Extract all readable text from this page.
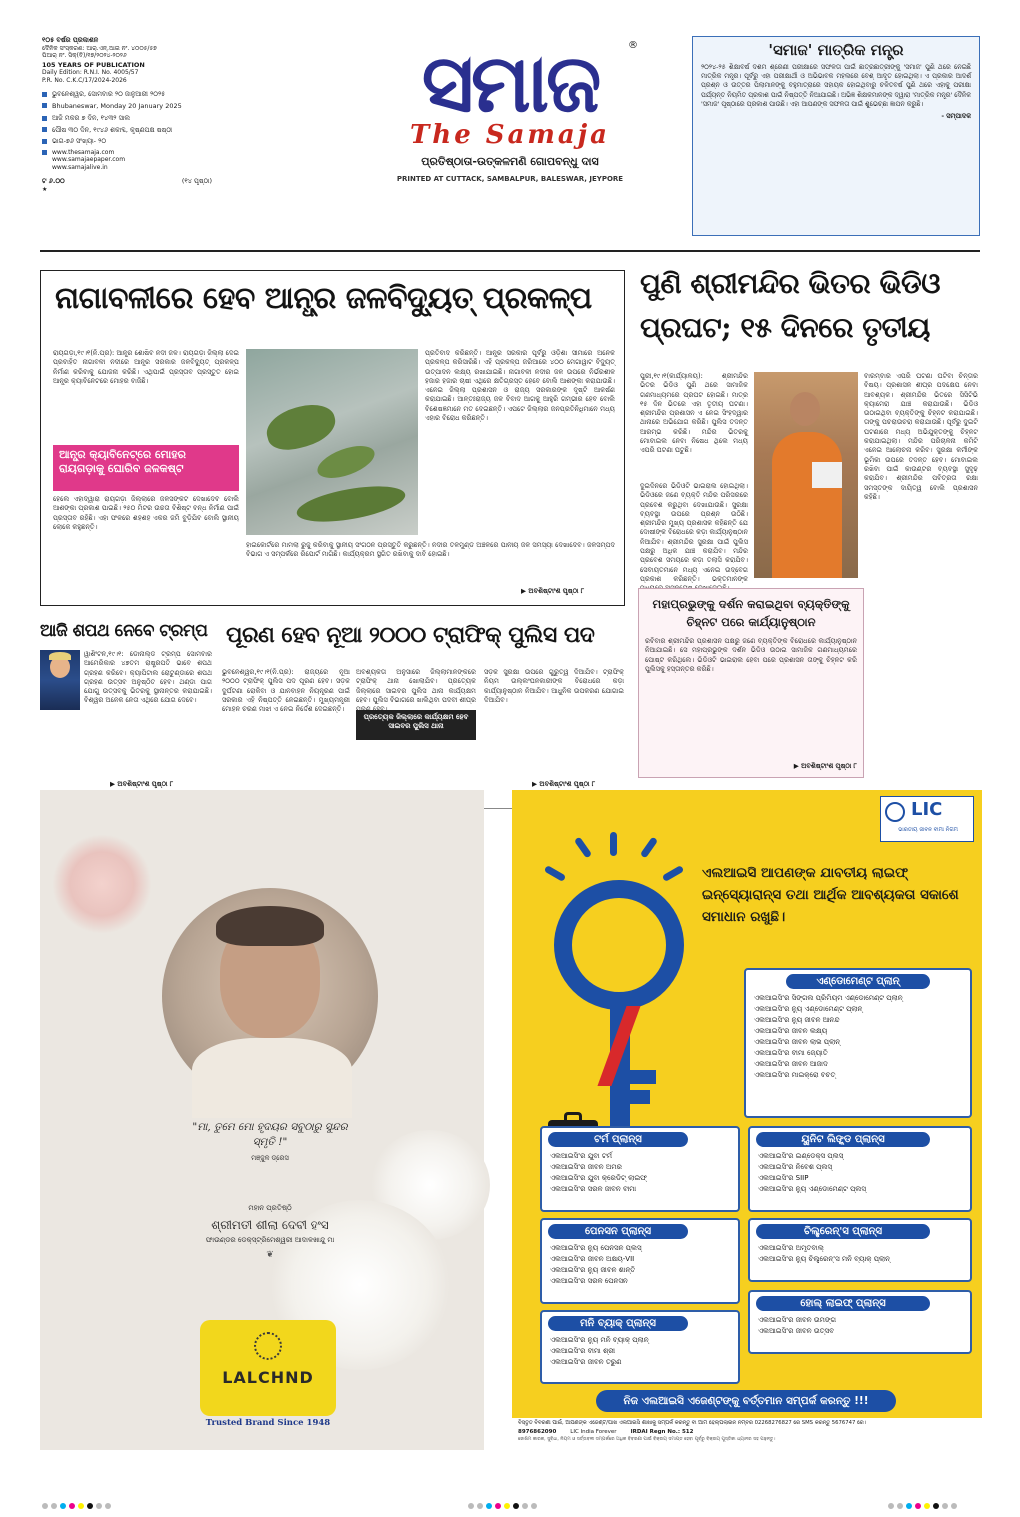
୧୦୫ ବର୍ଷର ପ୍ରକାଶନ
ଦୈନିକ ସଂସ୍କରଣ: ଆର୍.ଏନ୍.ଆଇ ନଂ. ୪୦୦୫/୫୭
ପିଆର୍ ନଂ. ସିକ୍(ବି)/୧୭/୨୦୨୪-୨୦୨୬
105 YEARS OF PUBLICATION
Daily Edition: R.N.I. No. 4005/57
P.R. No. C.K.C/17/2024-2026
ଭୁବନେଶ୍ୱର, ସୋମବାର ୨୦ ଜାନୁଆରୀ ୨୦୨୫
Bhubaneswar, Monday 20 January 2025
ଆଜି ମକର ୭ ଦିନ, ୧୪୩୨ ସାଲ
ପୌଷ ୩୦ ଦିନ, ୧୯୪୬ ଶକାବ୍ଦ, କୃଷ୍ଣପକ୍ଷ ଷଷ୍ଠୀ
ଭାଗ-୭୬ ସଂଖ୍ୟା- ୨୦
www.thesamaja.com
www.samajaepaper.com
www.samajalive.in
ଟ ୬.୦୦	(୧୪ ପୃଷ୍ଠା)
★
ସମାଜ	®
The Samaja
ପ୍ରତିଷ୍ଠାତା-ଉତ୍କଳମଣି ଗୋପବନ୍ଧୁ ଦାସ
PRINTED AT CUTTACK, SAMBALPUR, BALESWAR, JEYPORE
'ସମାଜ' ମାତ୍ରିକ ମନ୍ତ୍ର
୨୦୨୪-୨୫ ଶିକ୍ଷାବର୍ଷ ଦଶମ ଶ୍ରେଣୀ ପରୀକ୍ଷାରେ ସଫଳତା ପାଇଁ ଛାତ୍ରଛାତ୍ରୀଙ୍କୁ 'ସମାଜ' ପୁଣି ଥରେ ନେଇଛି ମାତ୍ରିକ ମନ୍ତ୍ର। ପୂର୍ବରୁ ଏହା ପରୀକ୍ଷାର୍ଥୀ ଓ ଅଭିଭାବକ ମହଲରେ ବେଶ୍ ଆଦୃତ ହୋଇଥିଲା। ଏ ପ୍ରକାର ଆଦର୍ଶ ପ୍ରଶ୍ନ ଓ ଉତ୍ତର ପିଲାମାନଙ୍କୁ ବହୁମାତ୍ରାରେ ସହାୟକ ହୋଇଥିବାରୁ ଚଳିତବର୍ଷ ପୁଣି ଥରେ ଏହାକୁ ପରୀକ୍ଷା ପର୍ଯ୍ୟନ୍ତ ନିୟମିତ ପ୍ରକାଶ ପାଇଁ ନିଷ୍ପତ୍ତି ନିଆଯାଇଛି। ଅଭିଜ୍ଞ ଶିକ୍ଷକମାନଙ୍କ ଦ୍ୱାରା 'ମାତ୍ରିକ ମନ୍ତ୍ର' ଦୈନିକ 'ସମାଜ' ପୃଷ୍ଠାରେ ପ୍ରକାଶ ପାଉଛି। ଏହା ଆପଣଙ୍କ ସଫଳତା ପାଇଁ ଶୁଭେଚ୍ଛା ଜ୍ଞାପନ କରୁଛି।
- ସମ୍ପାଦକ
ନାଗାବଳୀରେ ହେବ ଆନ୍ଧ୍ର ଜଳବିଦ୍ୟୁତ୍ ପ୍ରକଳ୍ପ
ରାୟଗଡ଼ା,୧୯।୧(ନି.ପ୍ର): ଆନ୍ଧ୍ର ଶୋଷିବ ନଦୀ ଜଳ। ରାୟଗଡ଼ା ଜିଲ୍ଲା ଦେଇ ପ୍ରବାହିତ ନାଗାବଳୀ ନଦୀରେ ଆନ୍ଧ୍ର ସରକାର ଜଳବିଦ୍ୟୁତ୍ ପ୍ରକଳ୍ପ ନିର୍ମାଣ କରିବାକୁ ଯୋଜନା କରିଛି। ଏଥିପାଇଁ ପ୍ରସ୍ତାବ ପ୍ରସ୍ତୁତ ହୋଇ ଆନ୍ଧ୍ର କ୍ୟାବିନେଟରେ ମୋହର ବାଜିଛି।
ଆନ୍ଧ୍ର କ୍ୟାବିନେଟ୍‌ରେ ମୋହର ରାୟଗଡ଼ାକୁ ଘୋରିବ ଜଳକଷ୍ଟ
ହେଲେ ଏହାଦ୍ୱାରା ରାୟଗଡ଼ା ଜିଲ୍ଲାରେ ଜଳସଙ୍କଟ ଦେଖାଦେବ ବୋଲି ଆଶଙ୍କା ପ୍ରକାଶ ପାଇଛି। ୨୫୦ ମିଟର ଉଚ୍ଚତା ବିଶିଷ୍ଟ ବନ୍ଧ ନିର୍ମାଣ ପାଇଁ ପ୍ରସ୍ତାବ ରହିଛି। ଏହା ଫଳରେ ଶହଶହ ଏକର ଜମି ବୁଡ଼ିଯିବ ବୋଲି ସ୍ଥାନୀୟ ଲୋକେ କହୁଛନ୍ତି।
ପ୍ରତିବାଦ କରିଛନ୍ତି। ଆନ୍ଧ୍ର ସରକାର ପୂର୍ବରୁ ଓଡ଼ିଶା ସୀମାରେ ଅନେକ ପ୍ରକଳ୍ପ କରିସାରିଛି। ଏହି ପ୍ରକଳ୍ପ ଜରିଆରେ ୪୦୦ ମେଗାୱାଟ ବିଦ୍ୟୁତ୍ ଉତ୍ପାଦନ ଲକ୍ଷ୍ୟ ରଖାଯାଇଛି। ନାଗାବଳୀ ନଦୀର ଜଳ ଉପରେ ନିର୍ଭରଶୀଳ ହଜାର ହଜାର ଚାଷୀ ଏଥିରେ କ୍ଷତିଗ୍ରସ୍ତ ହେବେ ବୋଲି ଆଶଙ୍କା କରାଯାଉଛି। ଏନେଇ ଜିଲ୍ଲା ପ୍ରଶାସନ ଓ ରାଜ୍ୟ ସରକାରଙ୍କ ଦୃଷ୍ଟି ଆକର୍ଷଣ କରାଯାଇଛି। ଆନ୍ତଃରାଜ୍ୟ ଜଳ ବିବାଦ ଆଗକୁ ଆହୁରି ଗମ୍ଭୀର ହେବ ବୋଲି ବିଶେଷଜ୍ଞମାନେ ମତ ଦେଇଛନ୍ତି। ଏପଟେ ଜିଲ୍ଲାର ଜନପ୍ରତିନିଧିମାନେ ମଧ୍ୟ ଏହାର ବିରୋଧ କରିଛନ୍ତି।
ହାଇକୋର୍ଟରେ ମାମଲା ରୁଜୁ କରିବାକୁ ସ୍ଥାନୀୟ ସଂଗଠନ ପ୍ରସ୍ତୁତି କରୁଛନ୍ତି। ନଦୀର ତଳମୁଣ୍ଡ ଅଞ୍ଚଳରେ ପାନୀୟ ଜଳ ସମସ୍ୟା ଦେଖାଦେବ। ଜଳସମ୍ପଦ ବିଭାଗ ଏ ସମ୍ପର୍କରେ ରିପୋର୍ଟ ମାଗିଛି। କାର୍ଯ୍ୟକ୍ରମ ସ୍ଥଗିତ ରଖିବାକୁ ଦାବି ହୋଇଛି।
▶ ଅବଶିଷ୍ଟାଂଶ ପୃଷ୍ଠା ୮
ପୁଣି ଶ୍ରୀମନ୍ଦିର ଭିତର ଭିଡିଓ ପ୍ରଘଟ; ୧୫ ଦିନରେ ତୃତୀୟ
ପୁରୀ,୧୯।୧(କାର୍ଯ୍ୟାଳୟ): ଶ୍ରୀମନ୍ଦିର ଭିତର ଭିଡିଓ ପୁଣି ଥରେ ସାମାଜିକ ଗଣମାଧ୍ୟମରେ ପ୍ରଘଟ ହୋଇଛି। ମାତ୍ର ୧୫ ଦିନ ଭିତରେ ଏହା ତୃତୀୟ ଘଟଣା। ଶ୍ରୀମନ୍ଦିର ପ୍ରଶାସନ ଏ ନେଇ ସିଂହଦ୍ୱାର ଥାନାରେ ଅଭିଯୋଗ କରିଛି। ପୁଲିସ ତଦନ୍ତ ଆରମ୍ଭ କରିଛି। ମନ୍ଦିର ଭିତରକୁ ମୋବାଇଲ ନେବା ନିଷେଧ ଥିଲେ ମଧ୍ୟ ଏପରି ଘଟଣା ଘଟୁଛି।
ବାରମ୍ବାର ଏପରି ଘଟଣା ଘଟିବା ଚିନ୍ତାର ବିଷୟ। ପ୍ରଶାସନ ଶୀଘ୍ର ପଦକ୍ଷେପ ନେବା ଆବଶ୍ୟକ। ଶ୍ରୀମନ୍ଦିର ଭିତରେ ସିସିଟିଭି କ୍ୟାମେରା ଯାଞ୍ଚ କରାଯାଉଛି। ଭିଡିଓ ଉଠାଇଥିବା ବ୍ୟକ୍ତିଙ୍କୁ ଚିହ୍ନଟ କରାଯାଇଛି। ତାଙ୍କୁ ପଚରାଉଚରା କରାଯାଉଛି। ପୂର୍ବରୁ ଦୁଇଟି ଘଟଣାରେ ମଧ୍ୟ ଅଭିଯୁକ୍ତଙ୍କୁ ଚିହ୍ନଟ କରାଯାଇଥିଲା। ମନ୍ଦିର ପରିଚାଳନା କମିଟି ଏନେଇ ଆଲୋଚନା କରିବ। ସୁରକ୍ଷା କର୍ମୀଙ୍କ ଭୂମିକା ଉପରେ ତଦନ୍ତ ହେବ। ମୋବାଇଲ ରଖିବା ପାଇଁ କାଉଣ୍ଟର ବ୍ୟବସ୍ଥା ସୁଦୃଢ଼ କରାଯିବ। ଶ୍ରୀମନ୍ଦିର ପବିତ୍ରତା ରକ୍ଷା ସମସ୍ତଙ୍କ ଦାୟିତ୍ୱ ବୋଲି ପ୍ରଶାସନ କହିଛି।
ଦୁଇଦିନରେ ଭିଡିଓଟି ଭାଇରାଲ ହୋଇଥିଲା। ଭିଡିଓରେ ଜଣେ ବ୍ୟକ୍ତି ମନ୍ଦିର ପରିସରରେ ପ୍ରବେଶ କରୁଥିବା ଦେଖାଯାଉଛି। ସୁରକ୍ଷା ବ୍ୟବସ୍ଥା ଉପରେ ପ୍ରଶ୍ନ ଉଠିଛି। ଶ୍ରୀମନ୍ଦିର ମୁଖ୍ୟ ପ୍ରଶାସକ କହିଛନ୍ତି ଯେ ଦୋଷୀଙ୍କ ବିରୋଧରେ କଡ଼ା କାର୍ଯ୍ୟାନୁଷ୍ଠାନ ନିଆଯିବ। ଶ୍ରୀମନ୍ଦିର ସୁରକ୍ଷା ପାଇଁ ପୁଲିସ ପକ୍ଷରୁ ଅଧିକ ଯାଞ୍ଚ କରାଯିବ। ମନ୍ଦିର ପ୍ରବେଶ ସମୟରେ କଡ଼ା ତଲାସି କରାଯିବ। ସେବାୟତମାନେ ମଧ୍ୟ ଏନେଇ ଉଦ୍‌ବେଗ ପ୍ରକାଶ କରିଛନ୍ତି। ଭକ୍ତମାନଙ୍କ
ମହାପ୍ରଭୁଙ୍କୁ ଦର୍ଶନ କରାଇଥିବା ବ୍ୟକ୍ତିଙ୍କୁ ଚିହ୍ନଟ ପରେ କାର୍ଯ୍ୟାନୁଷ୍ଠାନ
ରବିବାର ଶ୍ରୀମନ୍ଦିର ପ୍ରଶାସନ ପକ୍ଷରୁ ଜଣେ ବ୍ୟକ୍ତିଙ୍କ ବିରୋଧରେ କାର୍ଯ୍ୟାନୁଷ୍ଠାନ ନିଆଯାଇଛି। ସେ ମହାପ୍ରଭୁଙ୍କ ଦର୍ଶନ ଭିଡିଓ ଉଠାଇ ସାମାଜିକ ଗଣମାଧ୍ୟମରେ ପୋଷ୍ଟ କରିଥିଲେ। ଭିଡିଓଟି ଭାଇରାଲ ହେବା ପରେ ପ୍ରଶାସନ ତାଙ୍କୁ ଚିହ୍ନଟ କରି ପୁଲିସକୁ ହସ୍ତାନ୍ତର କରିଛି।
▶ ଅବଶିଷ୍ଟାଂଶ ପୃଷ୍ଠା ୮
ଆଜି ଶପଥ ନେବେ ଟ୍ରମ୍ପ
ୱାଶିଂଟନ,୧୯।୧: ଡୋନାଲ୍ଡ ଟ୍ରମ୍ପ ସୋମବାର ଆମେରିକାର ୪୭ତମ ରାଷ୍ଟ୍ରପତି ଭାବେ ଶପଥ ଗ୍ରହଣ କରିବେ। କ୍ୟାପିଟାଲ ରୋଟୁଣ୍ଡାରେ ଶପଥ ଗ୍ରହଣ ଉତ୍ସବ ଅନୁଷ୍ଠିତ ହେବ। ଥଣ୍ଡା ପାଗ ଯୋଗୁ ଉତ୍ସବକୁ ଭିତରକୁ ସ୍ଥାନାନ୍ତର କରାଯାଇଛି। ବିଶ୍ୱର ଅନେକ ନେତା ଏଥିରେ ଯୋଗ ଦେବେ।
▶ ଅବଶିଷ୍ଟାଂଶ ପୃଷ୍ଠା ୮
ପୂରଣ ହେବ ନୂଆ ୨୦୦୦ ଟ୍ରାଫିକ୍ ପୁଲିସ ପଦ
ଭୁବନେଶ୍ୱର,୧୯।୧(ନି.ପ୍ର): ରାଜ୍ୟରେ ନୂଆ ୨୦୦୦ ଟ୍ରାଫିକ୍ ପୁଲିସ ପଦ ପୂରଣ ହେବ। ସଡ଼କ ଦୁର୍ଘଟଣା ରୋକିବା ଓ ଯାନବାହନ ନିୟନ୍ତ୍ରଣ ପାଇଁ ସରକାର ଏହି ନିଷ୍ପତ୍ତି ନେଇଛନ୍ତି। ମୁଖ୍ୟମନ୍ତ୍ରୀ ମୋହନ ଚରଣ ମାଝୀ ଏ ନେଇ ନିର୍ଦ୍ଦେଶ ଦେଇଛନ୍ତି।
ପ୍ରତ୍ୟେକ ଜିଲ୍ଲାରେ କାର୍ଯ୍ୟକ୍ଷମ ହେବ ସାଇବର ପୁଲିସ ଥାନା
ଅବଶ୍ୟକତା ଅନୁସାରେ ଜିଲ୍ଲାମାନଙ୍କରେ ଟ୍ରାଫିକ୍ ଥାନା ଖୋଲାଯିବ। ପ୍ରତ୍ୟେକ ଜିଲ୍ଲାରେ ସାଇବର ପୁଲିସ ଥାନା କାର୍ଯ୍ୟକ୍ଷମ ହେବ। ପୁଲିସ ବିଭାଗରେ ଖାଲିଥିବା ପଦବୀ ଶୀଘ୍ର ପୂରଣ ହେବ।
ସଡ଼କ ସୁରକ୍ଷା ଉପରେ ଗୁରୁତ୍ୱ ଦିଆଯିବ। ଟ୍ରାଫିକ୍ ନିୟମ ଉଲ୍ଲଂଘନକାରୀଙ୍କ ବିରୋଧରେ କଡ଼ା କାର୍ଯ୍ୟାନୁଷ୍ଠାନ ନିଆଯିବ। ଆଧୁନିକ ଉପକରଣ ଯୋଗାଇ ଦିଆଯିବ।
▶ ଅବଶିଷ୍ଟାଂଶ ପୃଷ୍ଠା ୮
"ମା, ତୁମେ ମୋ ହୃଦୟର ସବୁଠାରୁ ସୁନ୍ଦର ସ୍ମୃତି !"
ମଞ୍ଜୁଳ ଡ୍ରେସ
ମହାନ ପ୍ରତିଷ୍ଠି
ଶ୍ରୀମତୀ ଶୀଲା ଦେବୀ ହଂସ
ଫାଉଣ୍ଡର ଡେକ୍ସ୍‌ଟ୍ରିମେଶ୍ୱରୀ ଆଦାଳଖାନ୍ଦୁ ମା
❦
LALCHND
Trusted Brand Since 1948
LIC
ଭାରତୀୟ ଜୀବନ ବୀମା ନିଗମ
ଏଲଆଇସି ଆପଣଙ୍କ ଯାବତୀୟ ଲାଇଫ୍ ଇନ୍ସ୍ୟୋରାନ୍ସ ତଥା ଆର୍ଥିକ ଆବଶ୍ୟକତା ସକାଶେ ସମାଧାନ ରଖୁଛି।
ଏଣ୍ଡୋମେଣ୍ଟ ପ୍ଲାନ୍
ଏଲଆଇସି'ର ସିଙ୍ଗଲ ପ୍ରିମିୟମ ଏଣ୍ଡୋମେଣ୍ଟ ପ୍ଲାନ୍
ଏଲଆଇସି'ର ନ୍ୟୁ ଏଣ୍ଡୋମେଣ୍ଟ ପ୍ଲାନ୍
ଏଲଆଇସି'ର ନ୍ୟୁ ଜୀବନ ଆନନ୍ଦ
ଏଲଆଇସି'ର ଜୀବନ ଲକ୍ଷ୍ୟ
ଏଲଆଇସି'ର ଜୀବନ ଲାଭ ପ୍ଲାନ୍
ଏଲଆଇସି'ର ବୀମା ଜ୍ୟୋତି
ଏଲଆଇସି'ର ଜୀବନ ଆଜାଦ
ଏଲଆଇସି'ର ମାଇକ୍ରୋ ବଚତ୍
ଟର୍ମ ପ୍ଲାନ୍ସ
ଏଲଆଇସି'ର ଯୁବା ଟର୍ମ
ଏଲଆଇସି'ର ଜୀବନ ଅମର
ଏଲଆଇସି'ର ଯୁବା କ୍ରେଡିଟ୍ ଲାଇଫ୍
ଏଲଆଇସି'ର ସରଳ ଜୀବନ ବୀମା
ୟୁନିଟ ଲିଙ୍କ୍ଡ ପ୍ଲାନ୍ସ
ଏଲଆଇସି'ର ଇଣ୍ଡେକ୍ସ ପ୍ଲସ୍
ଏଲଆଇସି'ର ନିବେଶ ପ୍ଲସ୍
ଏଲଆଇସି'ର SIIP
ଏଲଆଇସି'ର ନ୍ୟୁ ଏଣ୍ଡୋମେଣ୍ଟ ପ୍ଲସ୍
ପେନସନ ପ୍ଲାନ୍ସ
ଏଲଆଇସି'ର ନ୍ୟୁ ପେନସନ ପ୍ଲସ୍
ଏଲଆଇସି'ର ଜୀବନ ଅକ୍ଷୟ-VII
ଏଲଆଇସି'ର ନ୍ୟୁ ଜୀବନ ଶାନ୍ତି
ଏଲଆଇସି'ର ସରଳ ପେନସନ
ଚିଲ୍ଡ୍ରେନ୍'ସ ପ୍ଲାନ୍ସ
ଏଲଆଇସି'ର ଅମୃତବାଲ୍
ଏଲଆଇସି'ର ନ୍ୟୁ ଚିଲ୍ଡ୍ରେନ୍'ସ ମନି ବ୍ୟାକ୍ ପ୍ଲାନ୍
ମନି ବ୍ୟାକ୍ ପ୍ଲାନ୍ସ
ଏଲଆଇସି'ର ନ୍ୟୁ ମନି ବ୍ୟାକ୍ ପ୍ଲାନ୍
ଏଲଆଇସି'ର ବୀମା ଶ୍ରୀ
ଏଲଆଇସି'ର ଜୀବନ ତରୁଣ
ହୋଲ୍ ଲାଇଫ୍ ପ୍ଲାନ୍ସ
ଏଲଆଇସି'ର ଜୀବନ ଉମଙ୍ଗ
ଏଲଆଇସି'ର ଜୀବନ ଉତ୍ସବ
ନିଜ ଏଲଆଇସି ଏଜେଣ୍ଟଙ୍କୁ ବର୍ତ୍ତମାନ ସମ୍ପର୍କ କରନ୍ତୁ !!!
ବିସ୍ତୃତ ବିବରଣୀ ପାଇଁ, ଆପଣଙ୍କ ଏଜେଣ୍ଟ/ପାଖ ଏଲଆଇସି ଶାଖାକୁ ସମ୍ପର୍କ କରନ୍ତୁ ବା ଆମ ହେଲ୍ପଲାଇନ ନମ୍ବର 02268276827 ରେ SMS କରନ୍ତୁ 5676747 ରେ।
8976862090	LIC India Forever	IRDAI Regn No.: 512
ଜୋଖିମ କାରକ, ସୁବିଧା, ନିୟମ ଓ ସର୍ତ୍ତାବଳୀ ସମ୍ପର୍କରେ ଅଧିକ ବିବରଣୀ ପାଇଁ ବିକ୍ରୟ ସମାପ୍ତ ହେବା ପୂର୍ବରୁ ବିକ୍ରୟ ପୁସ୍ତିକା ଧ୍ୟାନର ସହ ପଢ଼ନ୍ତୁ।
